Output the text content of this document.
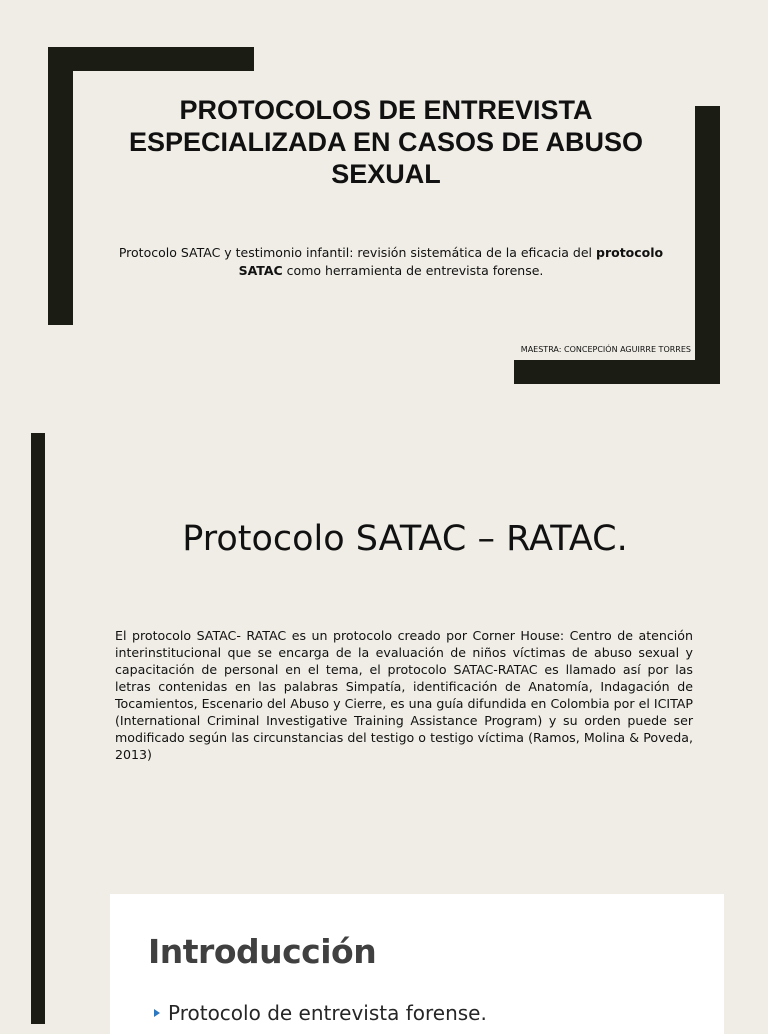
PROTOCOLOS DE ENTREVISTA ESPECIALIZADA EN CASOS DE ABUSO SEXUAL

Protocolo SATAC y testimonio infantil: revisión sistemática de la eficacia del protocolo SATAC como herramienta de entrevista forense.

MAESTRA: CONCEPCIÓN AGUIRRE TORRES

Protocolo SATAC – RATAC.

El protocolo SATAC- RATAC es un protocolo creado por Corner House: Centro de atención interinstitucional que se encarga de la evaluación de niños víctimas de abuso sexual y capacitación de personal en el tema, el protocolo SATAC-RATAC es llamado así por las letras contenidas en las palabras Simpatía, identificación de Anatomía, Indagación de Tocamientos, Escenario del Abuso y Cierre, es una guía difundida en Colombia por el ICITAP (International Criminal Investigative Training Assistance Program) y su orden puede ser modificado según las circunstancias del testigo o testigo víctima (Ramos, Molina & Poveda, 2013)

Introducción

Protocolo de entrevista forense.
